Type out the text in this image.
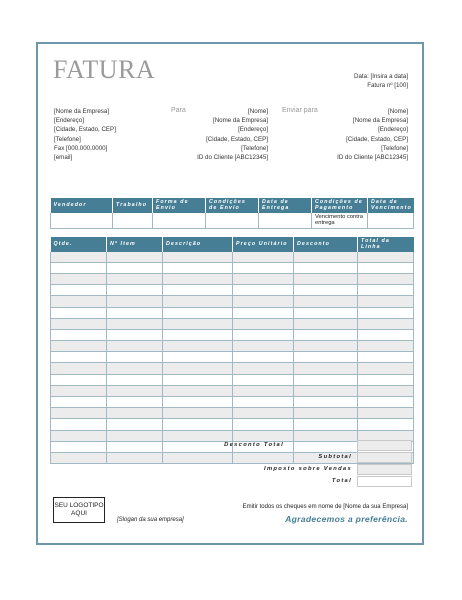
FATURA	Data: [Insira a data]
Fatura nº [100]
[Nome da Empresa]
[Endereço]
[Cidade, Estado, CEP]
[Telefone]
Fax [000.000.0000]
[email]
Para	[Nome]
[Nome da Empresa]
[Endereço]
[Cidade, Estado, CEP]
[Telefone]
ID do Cliente [ABC12345]
Enviar para	[Nome]
[Nome da Empresa]
[Endereço]
[Cidade, Estado, CEP]
[Telefone]
ID do Cliente [ABC12345]
Vendedor	Trabalho	Forma de Envio	Condições de Envio	Data de Entrega	Condições de Pagamento	Data de Vencimento
					Vencimento contra entrega	
Qtde.	Nº Item	Descrição	Preço Unitário	Desconto	Total da Linha

Desconto Total
Subtotal
Imposto sobre Vendas
Total
SEU LOGOTIPO AQUI
[Slogan da sua empresa]
Emitir todos os cheques em nome de [Nome da sua Empresa]
Agradecemos a preferência.
